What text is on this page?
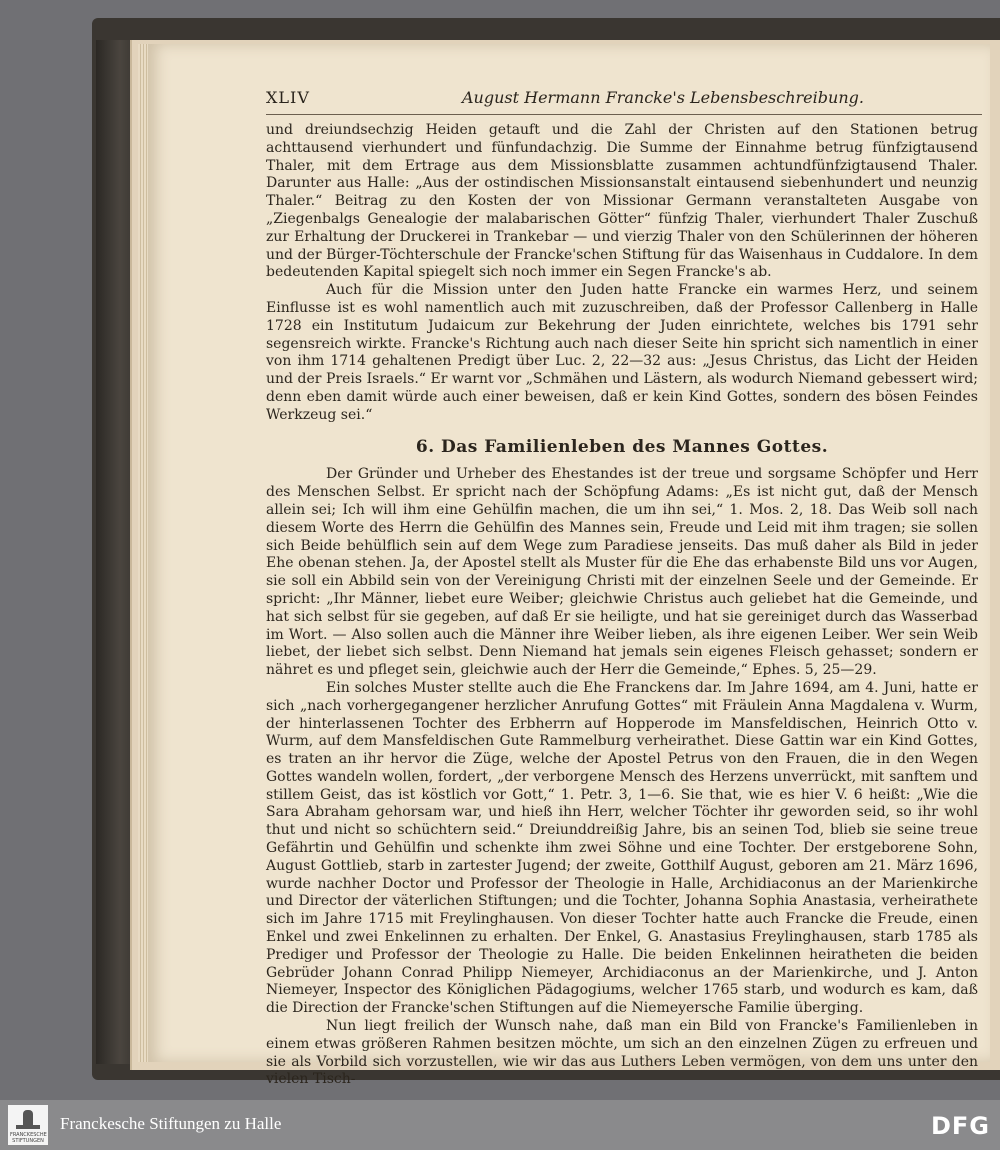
XLIV	August Hermann Francke's Lebensbeschreibung.

und dreiundsechzig Heiden getauft und die Zahl der Christen auf den Stationen betrug achttausend vierhundert und fünfundachzig. Die Summe der Einnahme betrug fünfzigtausend Thaler, mit dem Ertrage aus dem Missionsblatte zusammen achtundfünfzigtausend Thaler. Darunter aus Halle: „Aus der ostindischen Missionsanstalt eintausend siebenhundert und neunzig Thaler.“ Beitrag zu den Kosten der von Missionar Germann veranstalteten Ausgabe von „Ziegenbalgs Genealogie der malabarischen Götter“ fünfzig Thaler, vierhundert Thaler Zuschuß zur Erhaltung der Druckerei in Trankebar — und vierzig Thaler von den Schülerinnen der höheren und der Bürger-Töchterschule der Francke'schen Stiftung für das Waisenhaus in Cuddalore. In dem bedeutenden Kapital spiegelt sich noch immer ein Segen Francke's ab.

Auch für die Mission unter den Juden hatte Francke ein warmes Herz, und seinem Einflusse ist es wohl namentlich auch mit zuzuschreiben, daß der Professor Callenberg in Halle 1728 ein Institutum Judaicum zur Bekehrung der Juden einrichtete, welches bis 1791 sehr segensreich wirkte. Francke's Richtung auch nach dieser Seite hin spricht sich namentlich in einer von ihm 1714 gehaltenen Predigt über Luc. 2, 22—32 aus: „Jesus Christus, das Licht der Heiden und der Preis Israels.“ Er warnt vor „Schmähen und Lästern, als wodurch Niemand gebessert wird; denn eben damit würde auch einer beweisen, daß er kein Kind Gottes, sondern des bösen Feindes Werkzeug sei.“

6. Das Familienleben des Mannes Gottes.

Der Gründer und Urheber des Ehestandes ist der treue und sorgsame Schöpfer und Herr des Menschen Selbst. Er spricht nach der Schöpfung Adams: „Es ist nicht gut, daß der Mensch allein sei; Ich will ihm eine Gehülfin machen, die um ihn sei,“ 1. Mos. 2, 18. Das Weib soll nach diesem Worte des Herrn die Gehülfin des Mannes sein, Freude und Leid mit ihm tragen; sie sollen sich Beide behülflich sein auf dem Wege zum Paradiese jenseits. Das muß daher als Bild in jeder Ehe obenan stehen. Ja, der Apostel stellt als Muster für die Ehe das erhabenste Bild uns vor Augen, sie soll ein Abbild sein von der Vereinigung Christi mit der einzelnen Seele und der Gemeinde. Er spricht: „Ihr Männer, liebet eure Weiber; gleichwie Christus auch geliebet hat die Gemeinde, und hat sich selbst für sie gegeben, auf daß Er sie heiligte, und hat sie gereiniget durch das Wasserbad im Wort. — Also sollen auch die Männer ihre Weiber lieben, als ihre eigenen Leiber. Wer sein Weib liebet, der liebet sich selbst. Denn Niemand hat jemals sein eigenes Fleisch gehasset; sondern er nähret es und pfleget sein, gleichwie auch der Herr die Gemeinde,“ Ephes. 5, 25—29.

Ein solches Muster stellte auch die Ehe Franckens dar. Im Jahre 1694, am 4. Juni, hatte er sich „nach vorhergegangener herzlicher Anrufung Gottes“ mit Fräulein Anna Magdalena v. Wurm, der hinterlassenen Tochter des Erbherrn auf Hopperode im Mansfeldischen, Heinrich Otto v. Wurm, auf dem Mansfeldischen Gute Rammelburg verheirathet. Diese Gattin war ein Kind Gottes, es traten an ihr hervor die Züge, welche der Apostel Petrus von den Frauen, die in den Wegen Gottes wandeln wollen, fordert, „der verborgene Mensch des Herzens unverrückt, mit sanftem und stillem Geist, das ist köstlich vor Gott,“ 1. Petr. 3, 1—6. Sie that, wie es hier V. 6 heißt: „Wie die Sara Abraham gehorsam war, und hieß ihn Herr, welcher Töchter ihr geworden seid, so ihr wohl thut und nicht so schüchtern seid.“ Dreiunddreißig Jahre, bis an seinen Tod, blieb sie seine treue Gefährtin und Gehülfin und schenkte ihm zwei Söhne und eine Tochter. Der erstgeborene Sohn, August Gottlieb, starb in zartester Jugend; der zweite, Gotthilf August, geboren am 21. März 1696, wurde nachher Doctor und Professor der Theologie in Halle, Archidiaconus an der Marienkirche und Director der väterlichen Stiftungen; und die Tochter, Johanna Sophia Anastasia, verheirathete sich im Jahre 1715 mit Freylinghausen. Von dieser Tochter hatte auch Francke die Freude, einen Enkel und zwei Enkelinnen zu erhalten. Der Enkel, G. Anastasius Freylinghausen, starb 1785 als Prediger und Professor der Theologie zu Halle. Die beiden Enkelinnen heiratheten die beiden Gebrüder Johann Conrad Philipp Niemeyer, Archidiaconus an der Marienkirche, und J. Anton Niemeyer, Inspector des Königlichen Pädagogiums, welcher 1765 starb, und wodurch es kam, daß die Direction der Francke'schen Stiftungen auf die Niemeyersche Familie überging.

Nun liegt freilich der Wunsch nahe, daß man ein Bild von Francke's Familienleben in einem etwas größeren Rahmen besitzen möchte, um sich an den einzelnen Zügen zu erfreuen und sie als Vorbild sich vorzustellen, wie wir das aus Luthers Leben vermögen, von dem uns unter den vielen Tisch-

FRANCKESCHE STIFTUNGEN
Franckesche Stiftungen zu Halle	DFG
